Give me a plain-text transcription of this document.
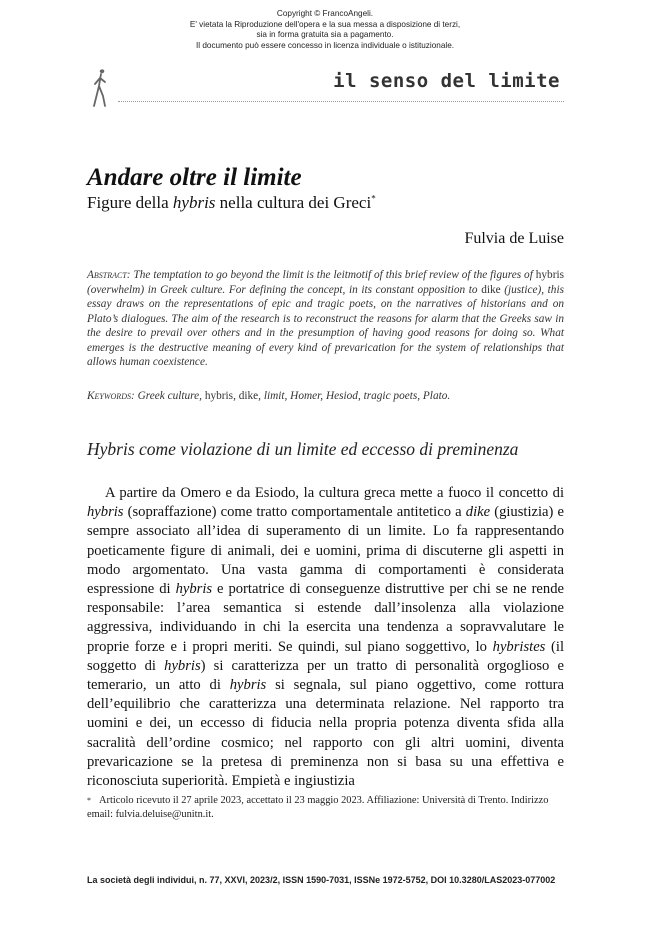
Copyright © FrancoAngeli.
E' vietata la Riproduzione dell'opera e la sua messa a disposizione di terzi,
sia in forma gratuita sia a pagamento.
Il documento può essere concesso in licenza individuale o istituzionale.
il senso del limite
Andare oltre il limite
Figure della hybris nella cultura dei Greci*
Fulvia de Luise
Abstract: The temptation to go beyond the limit is the leitmotif of this brief review of the figures of hybris (overwhelm) in Greek culture. For defining the concept, in its constant opposition to dike (justice), this essay draws on the representations of epic and tragic poets, on the narratives of historians and on Plato’s dialogues. The aim of the research is to reconstruct the reasons for alarm that the Greeks saw in the desire to prevail over others and in the presumption of having good reasons for doing so. What emerges is the destructive meaning of every kind of prevarication for the system of relationships that allows human coexistence.
Keywords: Greek culture, hybris, dike, limit, Homer, Hesiod, tragic poets, Plato.
Hybris come violazione di un limite ed eccesso di preminenza
A partire da Omero e da Esiodo, la cultura greca mette a fuoco il concetto di hybris (sopraffazione) come tratto comportamentale antitetico a dike (giustizia) e sempre associato all’idea di superamento di un limite. Lo fa rappresentando poeticamente figure di animali, dei e uomini, prima di discuterne gli aspetti in modo argomentato. Una vasta gamma di comportamenti è considerata espressione di hybris e portatrice di conseguenze distruttive per chi se ne rende responsabile: l’area semantica si estende dall’insolenza alla violazione aggressiva, individuando in chi la esercita una tendenza a sopravvalutare le proprie forze e i propri meriti. Se quindi, sul piano soggettivo, lo hybristes (il soggetto di hybris) si caratterizza per un tratto di personalità orgoglioso e temerario, un atto di hybris si segnala, sul piano oggettivo, come rottura dell’equilibrio che caratterizza una determinata relazione. Nel rapporto tra uomini e dei, un eccesso di fiducia nella propria potenza diventa sfida alla sacralità dell’ordine cosmico; nel rapporto con gli altri uomini, diventa prevaricazione se la pretesa di preminenza non si basa su una effettiva e riconosciuta superiorità. Empietà e ingiustizia
* Articolo ricevuto il 27 aprile 2023, accettato il 23 maggio 2023. Affiliazione: Università di Trento. Indirizzo email: fulvia.deluise@unitn.it.
La società degli individui, n. 77, XXVI, 2023/2, ISSN 1590-7031, ISSNe 1972-5752, DOI 10.3280/LAS2023-077002
